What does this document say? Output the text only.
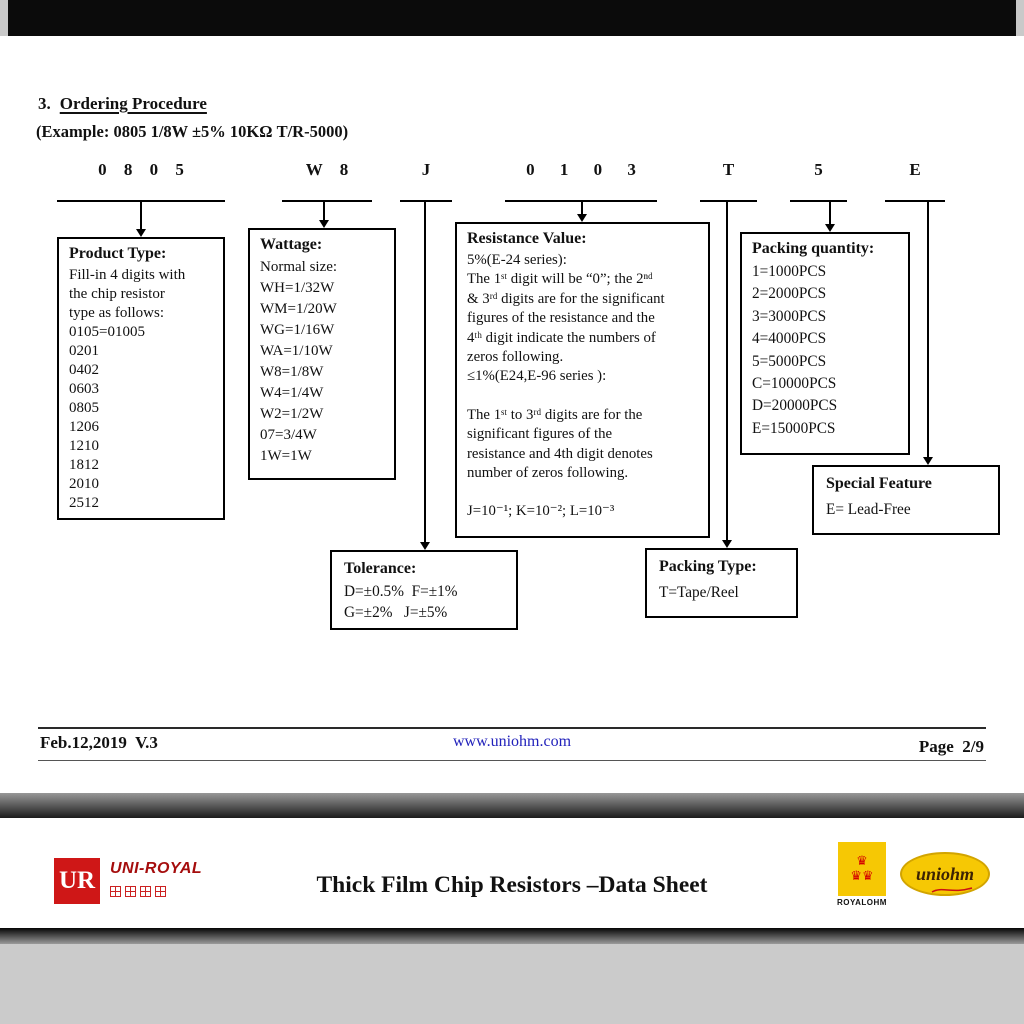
3. Ordering Procedure
(Example: 0805 1/8W ±5% 10KΩ T/R-5000)
0 8 0 5	W 8	J	0 1 0 3	T	5	E
Product Type:
Fill-in 4 digits with
the chip resistor
type as follows:
0105=01005
0201
0402
0603
0805
1206
1210
1812
2010
2512
Wattage:
Normal size:
WH=1/32W
WM=1/20W
WG=1/16W
WA=1/10W
W8=1/8W
W4=1/4W
W2=1/2W
07=3/4W
1W=1W
Resistance Value:
5%(E-24 series):
The 1ˢᵗ digit will be “0”; the 2ⁿᵈ
& 3ʳᵈ digits are for the significant
figures of the resistance and the
4ᵗʰ digit indicate the numbers of
zeros following.
≤1%(E24,E-96 series ):
The 1ˢᵗ to 3ʳᵈ digits are for the
significant figures of the
resistance and 4th digit denotes
number of zeros following.
J=10⁻¹; K=10⁻²; L=10⁻³
Packing quantity:
1=1000PCS
2=2000PCS
3=3000PCS
4=4000PCS
5=5000PCS
C=10000PCS
D=20000PCS
E=15000PCS
Special Feature
E= Lead-Free
Tolerance:
D=±0.5%  F=±1%
G=±2%   J=±5%
Packing Type:
T=Tape/Reel
Feb.12,2019  V.3	www.uniohm.com	Page  2/9
UR UNI-ROYAL
Thick Film Chip Resistors –Data Sheet
♛
♛♛
ROYALOHM
uniohm
